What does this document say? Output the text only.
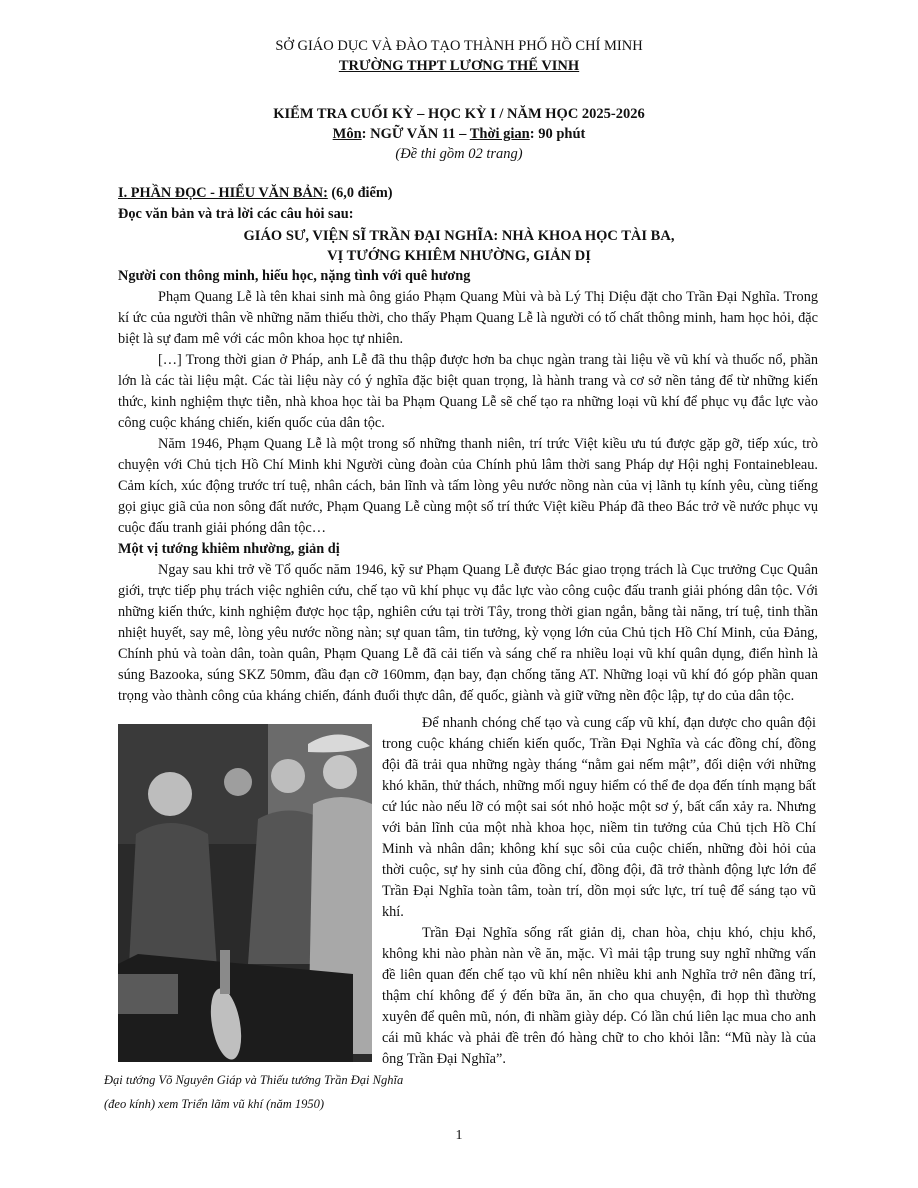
SỞ GIÁO DỤC VÀ ĐÀO TẠO THÀNH PHỐ HỒ CHÍ MINH
TRƯỜNG THPT LƯƠNG THẾ VINH
KIỂM TRA CUỐI KỲ – HỌC KỲ I / NĂM HỌC 2025-2026
Môn: NGỮ VĂN 11 – Thời gian: 90 phút
(Đề thi gồm 02 trang)

I. PHẦN ĐỌC - HIỂU VĂN BẢN: (6,0 điểm)

Đọc văn bản và trả lời các câu hỏi sau:

GIÁO SƯ, VIỆN SĨ TRẦN ĐẠI NGHĨA: NHÀ KHOA HỌC TÀI BA,
VỊ TƯỚNG KHIÊM NHƯỜNG, GIẢN DỊ

Người con thông minh, hiếu học, nặng tình với quê hương

Phạm Quang Lễ là tên khai sinh mà ông giáo Phạm Quang Mùi và bà Lý Thị Diệu đặt cho Trần Đại Nghĩa. Trong kí ức của người thân về những năm thiếu thời, cho thấy Phạm Quang Lễ là người có tố chất thông minh, ham học hỏi, đặc biệt là sự đam mê với các môn khoa học tự nhiên.

[…] Trong thời gian ở Pháp, anh Lễ đã thu thập được hơn ba chục ngàn trang tài liệu về vũ khí và thuốc nổ, phần lớn là các tài liệu mật. Các tài liệu này có ý nghĩa đặc biệt quan trọng, là hành trang và cơ sở nền tảng để từ những kiến thức, kinh nghiệm thực tiễn, nhà khoa học tài ba Phạm Quang Lễ sẽ chế tạo ra những loại vũ khí để phục vụ đắc lực vào công cuộc kháng chiến, kiến quốc của dân tộc.

Năm 1946, Phạm Quang Lễ là một trong số những thanh niên, trí trức Việt kiều ưu tú được gặp gỡ, tiếp xúc, trò chuyện với Chủ tịch Hồ Chí Minh khi Người cùng đoàn của Chính phủ lâm thời sang Pháp dự Hội nghị Fontainebleau. Cảm kích, xúc động trước trí tuệ, nhân cách, bản lĩnh và tấm lòng yêu nước nồng nàn của vị lãnh tụ kính yêu, cùng tiếng gọi giục giã của non sông đất nước, Phạm Quang Lễ cùng một số trí thức Việt kiều Pháp đã theo Bác trở về nước phục vụ cuộc đấu tranh giải phóng dân tộc…

Một vị tướng khiêm nhường, giản dị

Ngay sau khi trở về Tổ quốc năm 1946, kỹ sư Phạm Quang Lễ được Bác giao trọng trách là Cục trưởng Cục Quân giới, trực tiếp phụ trách việc nghiên cứu, chế tạo vũ khí phục vụ đắc lực vào công cuộc đấu tranh giải phóng dân tộc. Với những kiến thức, kinh nghiệm được học tập, nghiên cứu tại trời Tây, trong thời gian ngắn, bằng tài năng, trí tuệ, tinh thần nhiệt huyết, say mê, lòng yêu nước nồng nàn; sự quan tâm, tin tưởng, kỳ vọng lớn của Chủ tịch Hồ Chí Minh, của Đảng, Chính phủ và toàn dân, toàn quân, Phạm Quang Lễ đã cải tiến và sáng chế ra nhiều loại vũ khí quân dụng, điển hình là súng Bazooka, súng SKZ 50mm, đầu đạn cỡ 160mm, đạn bay, đạn chống tăng AT. Những loại vũ khí đó góp phần quan trọng vào thành công của kháng chiến, đánh đuổi thực dân, đế quốc, giành và giữ vững nền độc lập, tự do của dân tộc.

Để nhanh chóng chế tạo và cung cấp vũ khí, đạn dược cho quân đội trong cuộc kháng chiến kiến quốc, Trần Đại Nghĩa và các đồng chí, đồng đội đã trải qua những ngày tháng “nằm gai nếm mật”, đối diện với những khó khăn, thử thách, những mối nguy hiểm có thể đe dọa đến tính mạng bất cứ lúc nào nếu lỡ có một sai sót nhỏ hoặc một sơ ý, bất cẩn xảy ra. Nhưng với bản lĩnh của một nhà khoa học, niềm tin tưởng của Chủ tịch Hồ Chí Minh và nhân dân; không khí sục sôi của cuộc chiến, những đòi hỏi của thời cuộc, sự hy sinh của đồng chí, đồng đội, đã trở thành động lực lớn để Trần Đại Nghĩa toàn tâm, toàn trí, dồn mọi sức lực, trí tuệ để sáng tạo vũ khí.

Trần Đại Nghĩa sống rất giản dị, chan hòa, chịu khó, chịu khổ, không khi nào phàn nàn về ăn, mặc. Vì mải tập trung suy nghĩ những vấn đề liên quan đến chế tạo vũ khí nên nhiều khi anh Nghĩa trở nên đãng trí, thậm chí không để ý đến bữa ăn, ăn cho qua chuyện, đi họp thì thường xuyên để quên mũ, nón, đi nhầm giày dép. Có lần chú liên lạc mua cho anh cái mũ khác và phải đề trên đó hàng chữ to cho khỏi lẫn: “Mũ này là của ông Trần Đại Nghĩa”.

Đại tướng Võ Nguyên Giáp và Thiếu tướng Trần Đại Nghĩa (đeo kính) xem Triển lãm vũ khí (năm 1950)
1
